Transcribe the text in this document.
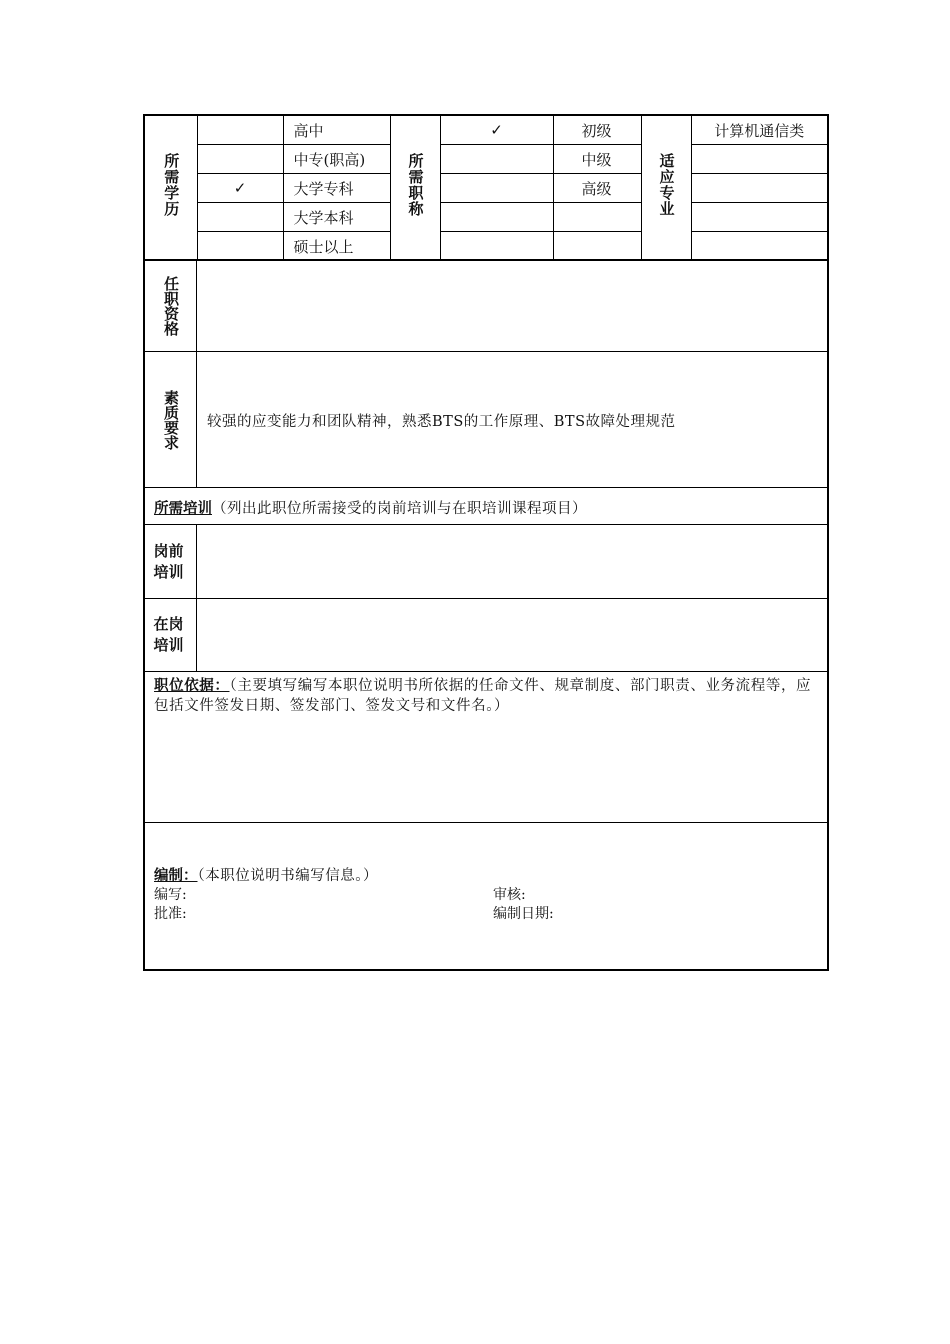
所需学历		高中	所需职称	✓	初级	适应专业	计算机通信类
		中专(职高)			中级		
	✓	大学专科			高级		
		大学本科					
		硕士以上					
任职资格
素质要求 较强的应变能力和团队精神，熟悉BTS的工作原理、BTS故障处理规范
所需培训（列出此职位所需接受的岗前培训与在职培训课程项目）
岗前
培训
在岗
培训
职位依据：（主要填写编写本职位说明书所依据的任命文件、规章制度、部门职责、业务流程等，应包括文件签发日期、签发部门、签发文号和文件名。）
编制：（本职位说明书编写信息。）
编写:	审核:
批准:	编制日期:
